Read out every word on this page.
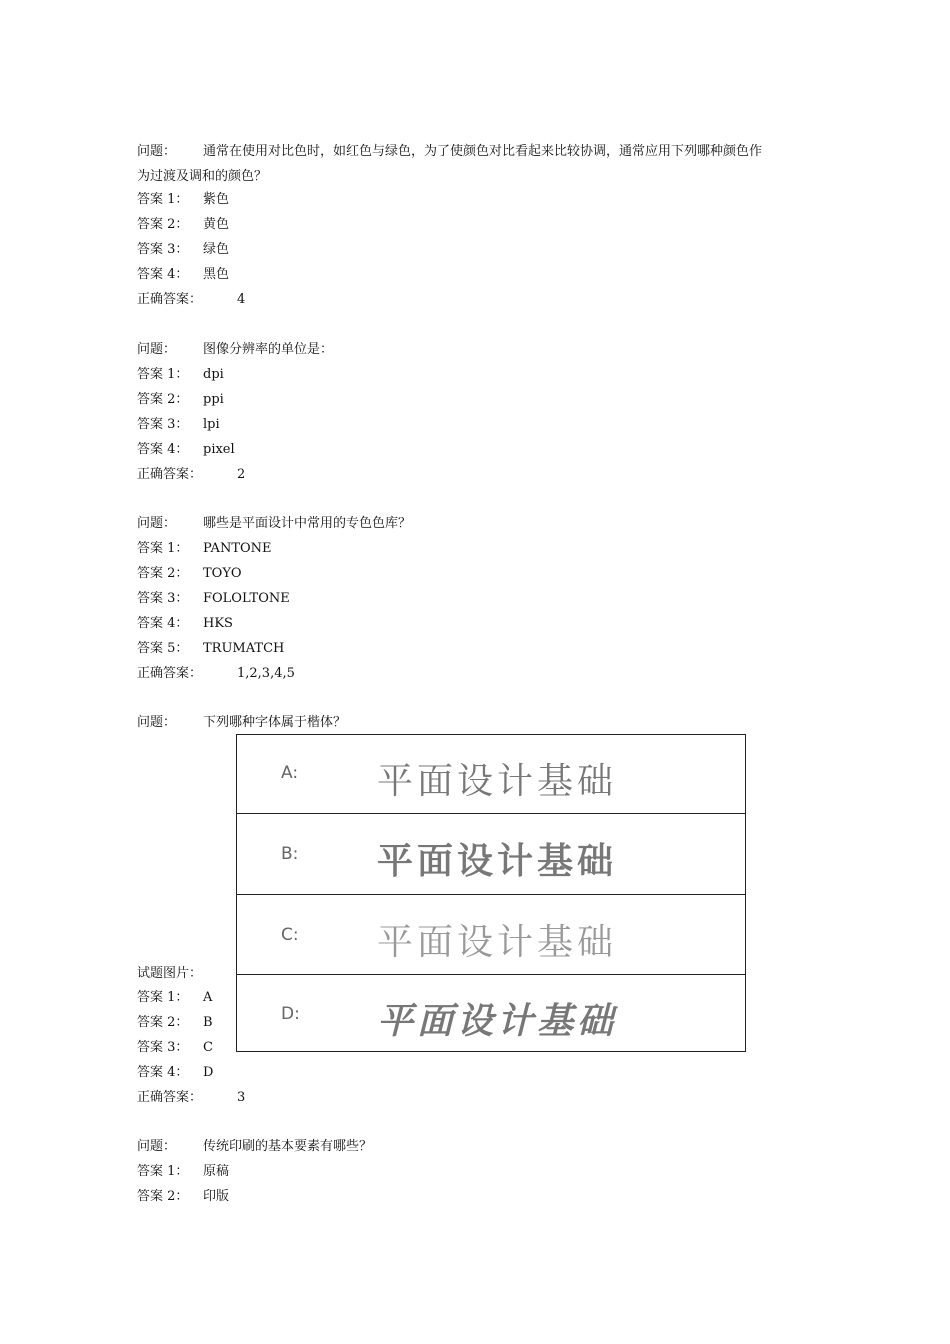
问题： 通常在使用对比色时，如红色与绿色，为了使颜色对比看起来比较协调，通常应用下列哪种颜色作
为过渡及调和的颜色？
答案 1： 紫色
答案 2： 黄色
答案 3： 绿色
答案 4： 黑色
正确答案：	4
问题： 图像分辨率的单位是：
答案 1： dpi
答案 2： ppi
答案 3： lpi
答案 4： pixel
正确答案：	2
问题： 哪些是平面设计中常用的专色色库？
答案 1： PANTONE
答案 2： TOYO
答案 3： FOLOLTONE
答案 4： HKS
答案 5： TRUMATCH
正确答案：	1,2,3,4,5
问题： 下列哪种字体属于楷体？
A: 平面设计基础
B: 平面设计基础
C: 平面设计基础
D: 平面设计基础
试题图片：
答案 1： A
答案 2： B
答案 3： C
答案 4： D
正确答案：	3
问题： 传统印刷的基本要素有哪些？
答案 1： 原稿
答案 2： 印版
